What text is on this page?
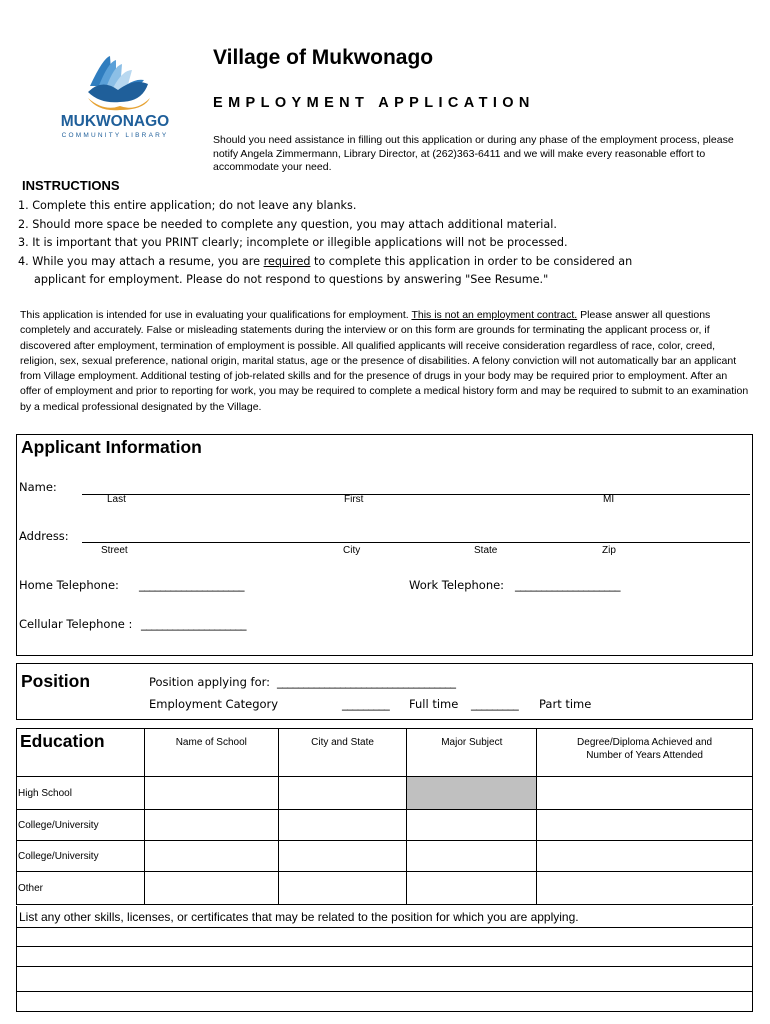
MUKWONAGO
COMMUNITY LIBRARY
Village of Mukwonago
EMPLOYMENT APPLICATION
Should you need assistance in filling out this application or during any phase of the employment process, please notify Angela Zimmermann, Library Director, at (262)363-6411 and we will make every reasonable effort to accommodate your need.
INSTRUCTIONS
1. Complete this entire application; do not leave any blanks.
2. Should more space be needed to complete any question, you may attach additional material.
3. It is important that you PRINT clearly; incomplete or illegible applications will not be processed.
4. While you may attach a resume, you are required to complete this application in order to be considered an
applicant for employment. Please do not respond to questions by answering "See Resume."
This application is intended for use in evaluating your qualifications for employment. This is not an employment contract. Please answer all questions completely and accurately. False or misleading statements during the interview or on this form are grounds for terminating the applicant process or, if discovered after employment, termination of employment is possible. All qualified applicants will receive consideration regardless of race, color, creed, religion, sex, sexual preference, national origin, marital status, age or the presence of disabilities. A felony conviction will not automatically bar an applicant from Village employment. Additional testing of job-related skills and for the presence of drugs in your body may be required prior to employment. After an offer of employment and prior to reporting for work, you may be required to complete a medical history form and may be required to submit to an examination by a medical professional designated by the Village.
Applicant Information
Name:
Last	First	MI
Address:
Street	City	State	Zip
Home Telephone: ____________________	Work Telephone: ____________________
Cellular Telephone : ____________________
Position	Position applying for: __________________________________
Employment Category	_________ Full time _________ Part time
Education	Name of School	City and State	Major Subject	Degree/Diploma Achieved and Number of Years Attended
High School				
College/University				
College/University				
Other				
List any other skills, licenses, or certificates that may be related to the position for which you are applying.
